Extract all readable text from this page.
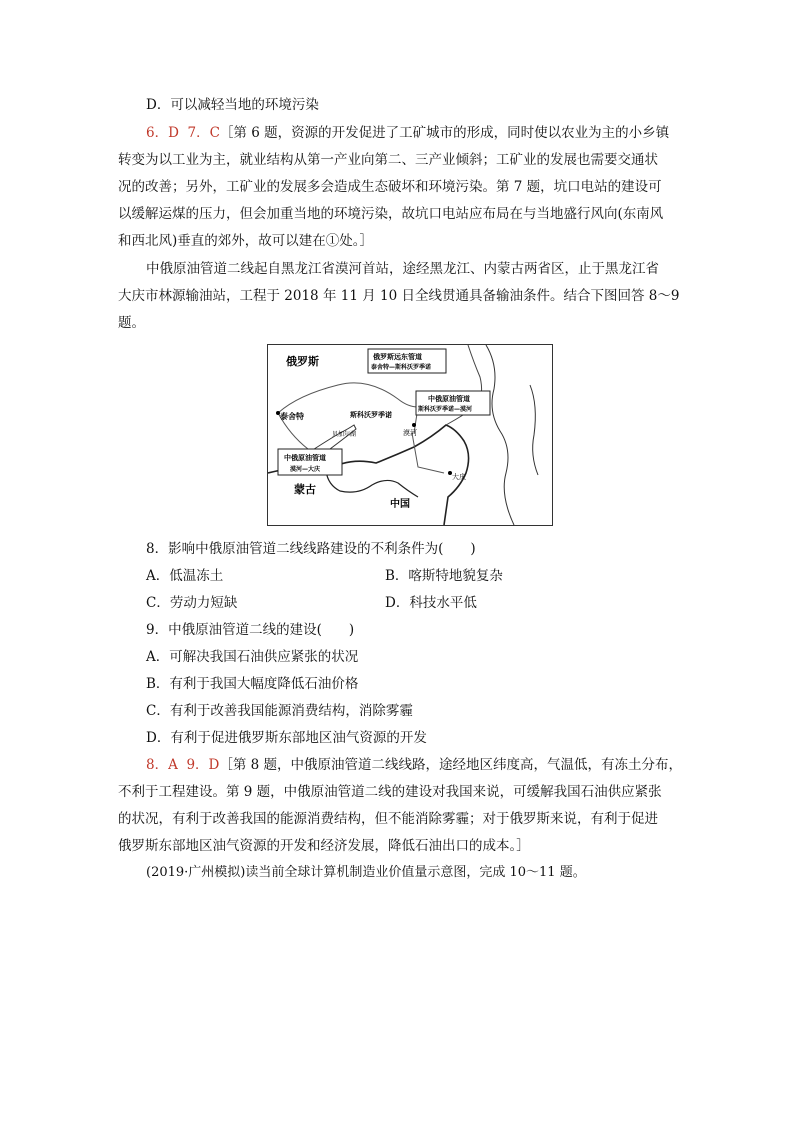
D．可以减轻当地的环境污染
6．D 7．C［第 6 题，资源的开发促进了工矿城市的形成，同时使以农业为主的小乡镇
转变为以工业为主，就业结构从第一产业向第二、三产业倾斜；工矿业的发展也需要交通状
况的改善；另外，工矿业的发展多会造成生态破坏和环境污染。第 7 题，坑口电站的建设可
以缓解运煤的压力，但会加重当地的环境污染，故坑口电站应布局在与当地盛行风向(东南风
和西北风)垂直的郊外，故可以建在①处。］
中俄原油管道二线起自黑龙江省漠河首站，途经黑龙江、内蒙古两省区，止于黑龙江省
大庆市林源输油站，工程于 2018 年 11 月 10 日全线贯通具备输油条件。结合下图回答 8～9
题。
俄罗斯
蒙古
中国
泰舍特
贝加尔湖
斯科沃罗季诺
漠河
大庆
俄罗斯远东管道
泰舍特—斯科沃罗季诺
中俄原油管道
斯科沃罗季诺—漠河
中俄原油管道
漠河—大庆
8．影响中俄原油管道二线线路建设的不利条件为(　　)
A．低温冻土	B．喀斯特地貌复杂
C．劳动力短缺	D．科技水平低
9．中俄原油管道二线的建设(　　)
A．可解决我国石油供应紧张的状况
B．有利于我国大幅度降低石油价格
C．有利于改善我国能源消费结构，消除雾霾
D．有利于促进俄罗斯东部地区油气资源的开发
8．A 9．D［第 8 题，中俄原油管道二线线路，途经地区纬度高，气温低，有冻土分布，
不利于工程建设。第 9 题，中俄原油管道二线的建设对我国来说，可缓解我国石油供应紧张
的状况，有利于改善我国的能源消费结构，但不能消除雾霾；对于俄罗斯来说，有利于促进
俄罗斯东部地区油气资源的开发和经济发展，降低石油出口的成本。］
(2019·广州模拟)读当前全球计算机制造业价值量示意图，完成 10～11 题。
